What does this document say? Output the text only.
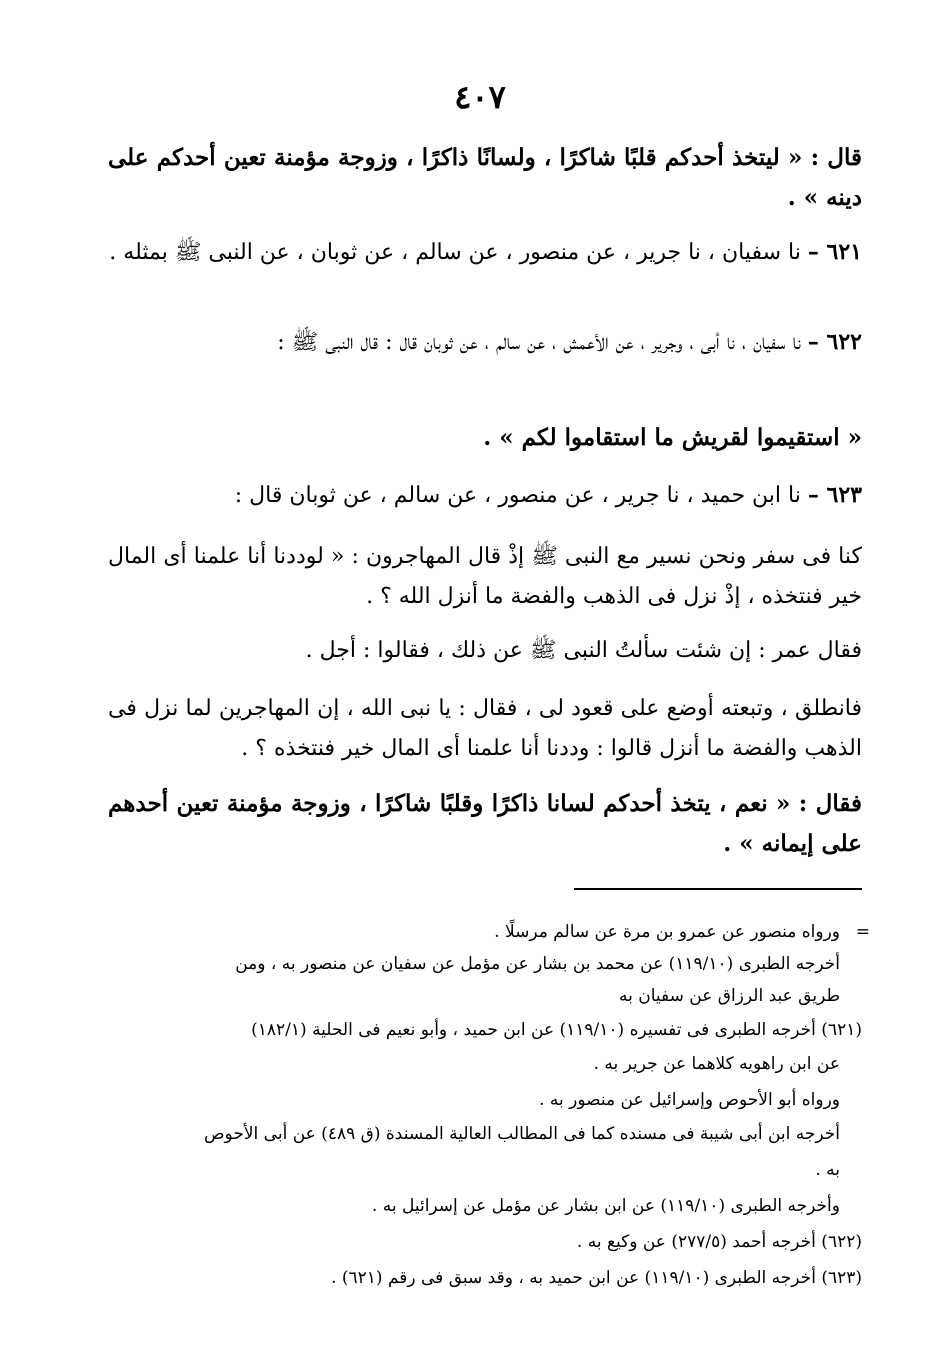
٤٠٧

قال : « ليتخذ أحدكم قلبًا شاكرًا ، ولسانًا ذاكرًا ، وزوجة مؤمنة تعين أحدكم على دينه » .

٦٢١ – نا سفيان ، نا جرير ، عن منصور ، عن سالم ، عن ثوبان ، عن النبى ﷺ بمثله .

٦٢٢ – نا سفيان ، نا أبى ، وجرير ، عن الأعمش ، عن سالم ، عن ثوبان قال : قال النبى ﷺ :

« استقيموا لقريش ما استقاموا لكم » .

٦٢٣ – نا ابن حميد ، نا جرير ، عن منصور ، عن سالم ، عن ثوبان قال :

كنا فى سفر ونحن نسير مع النبى ﷺ إذْ قال المهاجرون : « لوددنا أنا علمنا أى المال خير فنتخذه ، إذْ نزل فى الذهب والفضة ما أنزل الله ؟ .

فقال عمر : إن شئت سألتُ النبى ﷺ عن ذلك ، فقالوا : أجل .

فانطلق ، وتبعته أوضع على قعود لى ، فقال : يا نبى الله ، إن المهاجرين لما نزل فى الذهب والفضة ما أنزل قالوا : وددنا أنا علمنا أى المال خير فنتخذه ؟ .

فقال : « نعم ، يتخذ أحدكم لسانا ذاكرًا وقلبًا شاكرًا ، وزوجة مؤمنة تعين أحدهم على إيمانه » .

=
ورواه منصور عن عمرو بن مرة عن سالم مرسلًا .
أخرجه الطبرى (١١٩/١٠) عن محمد بن بشار عن مؤمل عن سفيان عن منصور به ، ومن
طريق عبد الرزاق عن سفيان به
(٦٢١) أخرجه الطبرى فى تفسيره (١١٩/١٠) عن ابن حميد ، وأبو نعيم فى الحلية (١٨٢/١)
عن ابن راهويه كلاهما عن جرير به .
ورواه أبو الأحوص وإسرائيل عن منصور به .
أخرجه ابن أبى شيبة فى مسنده كما فى المطالب العالية المسندة (ق ٤٨٩) عن أبى الأحوص
به .
وأخرجه الطبرى (١١٩/١٠) عن ابن بشار عن مؤمل عن إسرائيل به .
(٦٢٢) أخرجه أحمد (٢٧٧/٥) عن وكيع به .
(٦٢٣) أخرجه الطبرى (١١٩/١٠) عن ابن حميد به ، وقد سبق فى رقم (٦٢١) .
